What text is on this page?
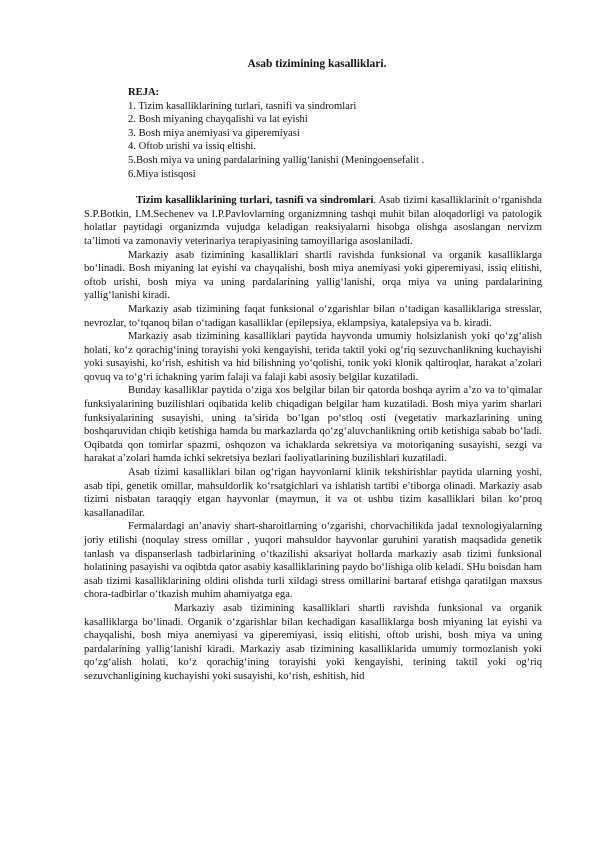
Asab tizimining kasalliklari.

REJA:

1. Tizim kasalliklarining turlari, tasnifi va sindromlari

2. Bosh miyaning chayqalishi va lat eyishi

3. Bosh miya anemiyasi va giperemiyasi

4. Oftob urishi va issiq eltishi.

5.Bosh miya va uning pardalarining yallig‘lanishi (Meningoensefalit .

6.Miya istisqosi

Tizim kasalliklarining turlari, tasnifi va sindromlari. Asab tizimi kasalliklarinit o‘rganishda S.P.Botkin, I.M.Sechenev va I.P.Pavlovlarning organizmning tashqi muhit bilan aloqadorligi va patologik holatlar paytidagi organizmda vujudga keladigan reaksiyalarni hisobga olishga asoslangan nervizm ta’limoti va zamonaviy veterinariya terapiyasining tamoyillariga asoslaniladi.

Markaziy asab tizimining kasalliklari shartli ravishda funksional va organik kasalliklarga bo‘linadi. Bosh miyaning lat eyishi va chayqalishi, bosh miya anemiyasi yoki giperemiyasi, issiq elitishi, oftob urishi, bosh miya va uning pardalarining yallig‘lanishi, orqa miya va uning pardalarining yallig‘lanishi kiradi.

Markaziy asab tizimining faqat funksional o‘zgarishlar bilan o‘tadigan kasalliklariga stresslar, nevrozlar, to‘tqanoq bilan o‘tadigan kasalliklar (epilepsiya, eklampsiya, katalepsiya va b. kiradi.

Markaziy asab tizimining kasalliklari paytida hayvonda umumiy holsizlanish yoki qo‘zg‘alish holati, ko‘z qorachig‘ining torayishi yoki kengayishi, terida taktil yoki og‘riq sezuvchanlikning kuchayishi yoki susayishi, ko‘rish, eshitish va hid bilishning yo‘qolishi, tonik yoki klonik qaltiroqlar, harakat a’zolari qovuq va to‘g‘ri ichakning yarim falaji va falaji kabi asosiy belgilar kuzatiladi.

Bunday kasalliklar paytida o‘ziga xos belgilar bilan bir qatorda boshqa ayrim a’zo va to‘qimalar funksiyalarining buzilishlari oqibatida kelib chiqadigan belgilar ham kuzatiladi. Bosh miya yarim sharlari funksiyalarining susayishi, uning ta’sirida bo‘lgan po‘stloq osti (vegetativ markazlarining uning boshqaruvidan chiqib ketishiga hamda bu markazlarda qo‘zg‘aluvchanlikning ortib ketishiga sabab bo‘ladi. Oqibatda qon tomirlar spazmi, oshqozon va ichaklarda sekretsiya va motoriqaning susayishi, sezgi va harakat a’zolari hamda ichki sekretsiya bezlari faoliyatlarining buzilishlari kuzatiladi.

Asab tizimi kasalliklari bilan og‘rigan hayvonlarni klinik tekshirishlar paytida ularning yoshi, asab tipi, genetik omillar, mahsuldorlik ko‘rsatgichlari va ishlatish tartibi e’tiborga olinadi. Markaziy asab tizimi nisbatan taraqqiy etgan hayvonlar (maymun, it va ot ushbu tizim kasalliklari bilan ko‘proq kasallanadilar.

Fermalardagi an’anaviy shart-sharoitlarning o‘zgarishi, chorvachilikda jadal texnologiyalarning joriy etilishi (noqulay stress omillar , yuqori mahsuldor hayvonlar guruhini yaratish maqsadida genetik tanlash va dispanserlash tadbirlarining o‘tkazilishi aksariyat hollarda markaziy asab tizimi funksional holatining pasayishi va oqibtda qator asabiy kasalliklarining paydo bo‘lishiga olib keladi. SHu boisdan ham asab tizimi kasalliklarining oldini olishda turli xildagi stress omillarini bartaraf etishga qaratilgan maxsus chora-tadbirlar o‘tkazish muhim ahamiyatga ega.

Markaziy asab tizimining kasalliklari shartli ravishda funksional va organik kasalliklarga bo‘linadi. Organik o‘zgarishlar bilan kechadigan kasalliklarga bosh miyaning lat eyishi va chayqalishi, bosh miya anemiyasi va giperemiyasi, issiq elitishi, oftob urishi, bosh miya va uning pardalarining yallig‘lanishi kiradi. Markaziy asab tizimining kasalliklarida umumiy tormozlanish yoki qo‘zg‘alish holati, ko‘z qorachig‘ining torayishi yoki kengayishi, terining taktil yoki og‘riq sezuvchanligining kuchayishi yoki susayishi, ko‘rish, eshitish, hid
